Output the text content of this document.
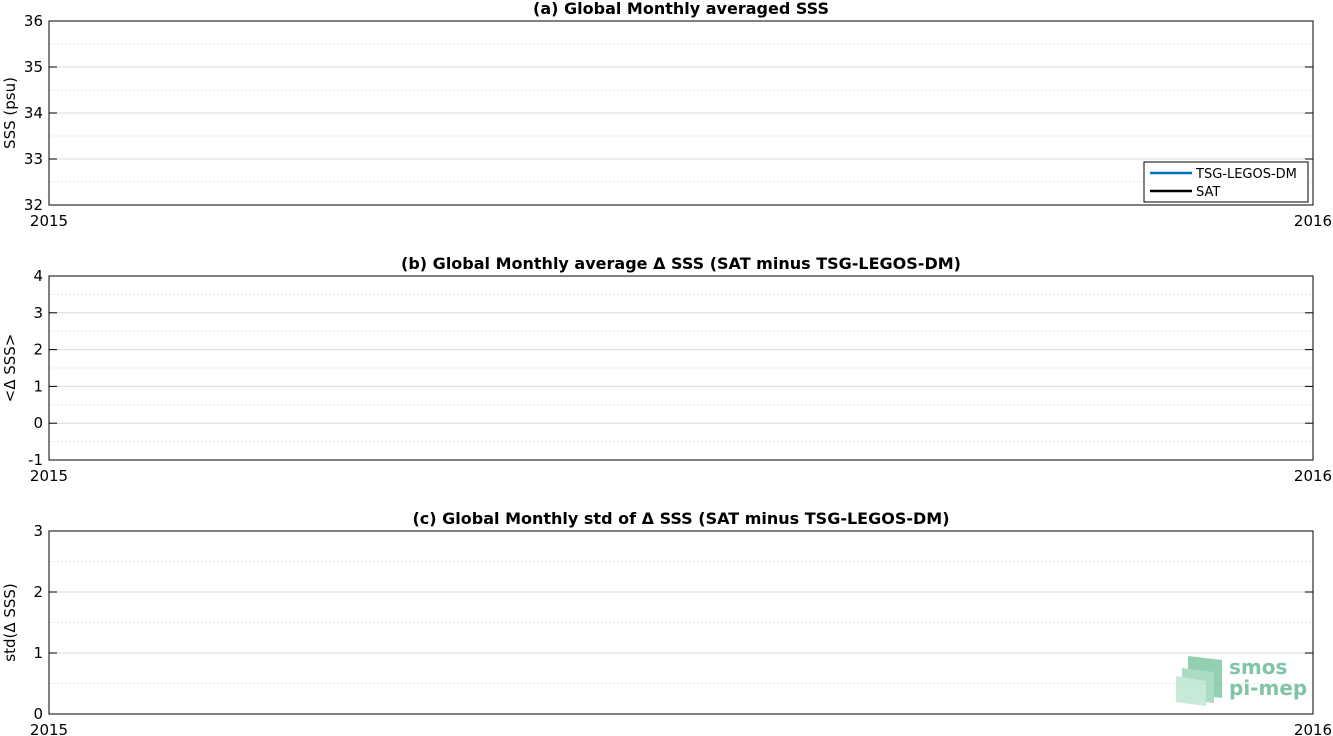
32
33
34
35
36
2015	2016
(a) Global Monthly averaged SSS
SSS (psu)
TSG-LEGOS-DM
SAT
-1
0
1
2
3
4
2015	2016
(b) Global Monthly average Δ SSS (SAT minus TSG-LEGOS-DM)
<Δ SSS>
0
1
2
3
2015	2016
(c) Global Monthly std of Δ SSS (SAT minus TSG-LEGOS-DM)
std(Δ SSS)
smos
pi-mep
